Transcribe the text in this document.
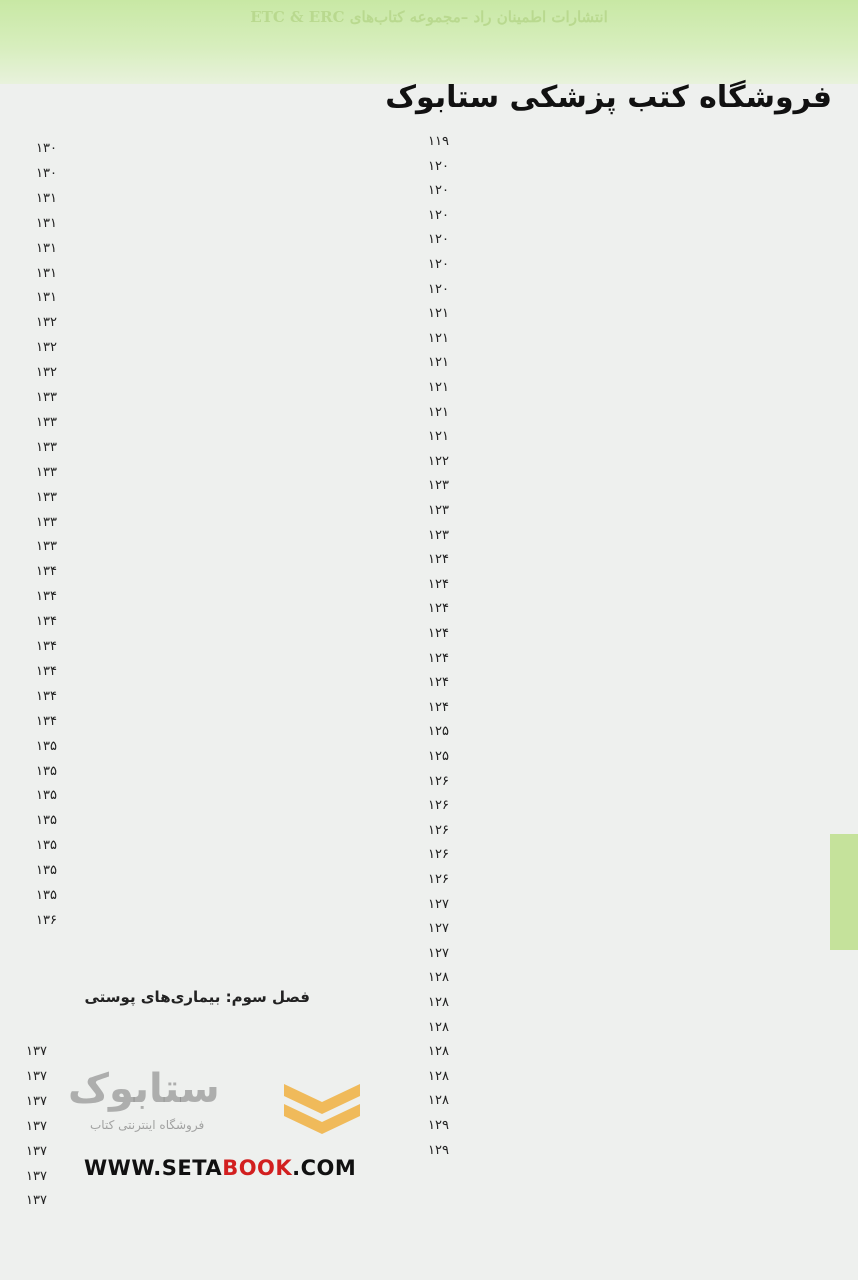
انتشارات اطمینان راد –مجموعه کتاب‌های ETC & ERC
فروشگاه کتب پزشکی ستابوک
۱۱۹
۱۲۰
۱۲۰
۱۲۰
۱۲۰
۱۲۰
۱۲۰
۱۲۱
۱۲۱
۱۲۱
۱۲۱
۱۲۱
۱۲۱
۱۲۲
۱۲۳
۱۲۳
۱۲۳
۱۲۴
۱۲۴
۱۲۴
۱۲۴
۱۲۴
۱۲۴
۱۲۴
۱۲۵
۱۲۵
۱۲۶
۱۲۶
۱۲۶
۱۲۶
۱۲۶
۱۲۷
۱۲۷
۱۲۷
۱۲۸
۱۲۸
۱۲۸
۱۲۸
۱۲۸
۱۲۸
۱۲۹
۱۲۹
۱۳۰
۱۳۰
۱۳۱
۱۳۱
۱۳۱
۱۳۱
۱۳۱
۱۳۲
۱۳۲
۱۳۲
۱۳۳
۱۳۳
۱۳۳
۱۳۳
۱۳۳
۱۳۳
۱۳۳
۱۳۴
۱۳۴
۱۳۴
۱۳۴
۱۳۴
۱۳۴
۱۳۴
۱۳۵
۱۳۵
۱۳۵
۱۳۵
۱۳۵
۱۳۵
۱۳۵
۱۳۶
فصل سوم: بیماری‌های پوستی
۱۳۷
۱۳۷
۱۳۷
۱۳۷
۱۳۷
۱۳۷
۱۳۷
ستابوک
فروشگاه اینترنتی کتاب
WWW.SETABOOK.COM
